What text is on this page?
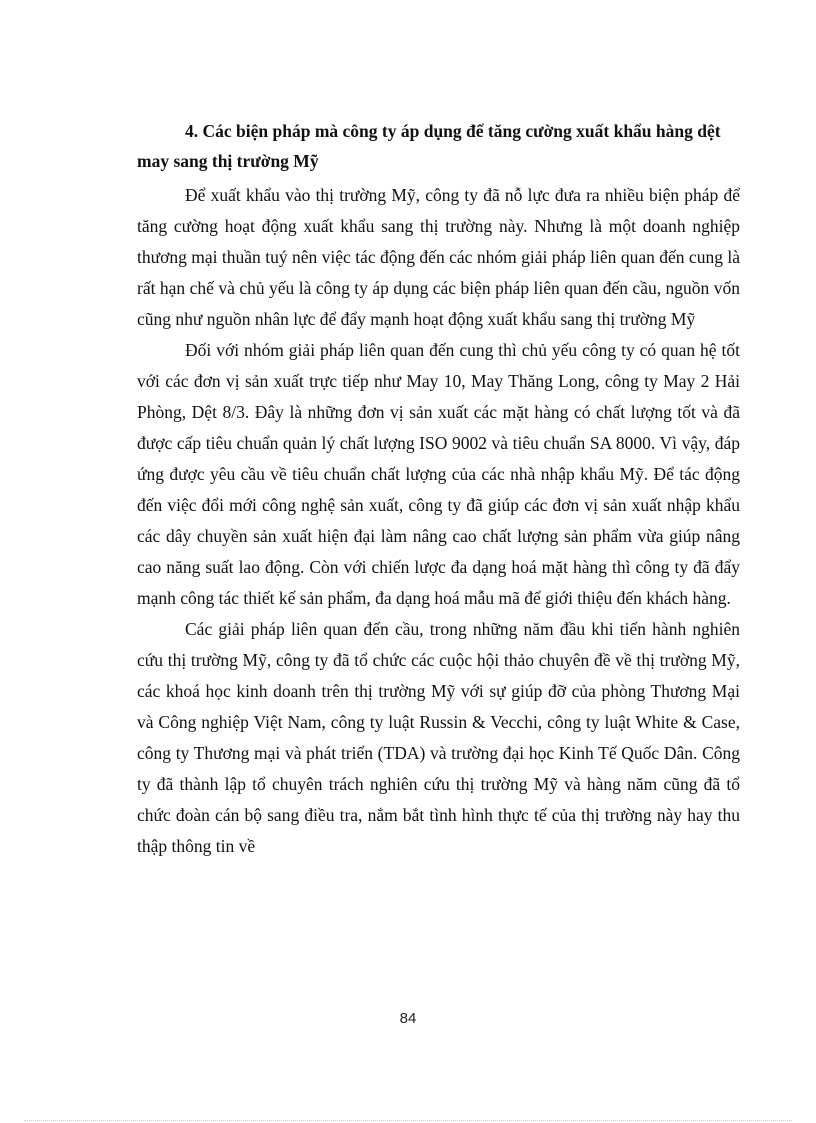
4. Các biện pháp mà công ty áp dụng để tăng cường xuất khẩu hàng dệt may sang thị trường Mỹ

Để xuất khẩu vào thị trường Mỹ, công ty đã nỗ lực đưa ra nhiều biện pháp để tăng cường hoạt động xuất khẩu sang thị trường này. Nhưng là một doanh nghiệp thương mại thuần tuý nên việc tác động đến các nhóm giải pháp liên quan đến cung là rất hạn chế và chủ yếu là công ty áp dụng các biện pháp liên quan đến cầu, nguồn vốn cũng như nguồn nhân lực để đẩy mạnh hoạt động xuất khẩu sang thị trường Mỹ

Đối với nhóm giải pháp liên quan đến cung thì chủ yếu công ty có quan hệ tốt với các đơn vị sản xuất trực tiếp như May 10, May Thăng Long, công ty May 2 Hải Phòng, Dệt 8/3. Đây là những đơn vị sản xuất các mặt hàng có chất lượng tốt và đã được cấp tiêu chuẩn quản lý chất lượng ISO 9002 và tiêu chuẩn SA 8000. Vì vậy, đáp ứng được yêu cầu về tiêu chuẩn chất lượng của các nhà nhập khẩu Mỹ. Để tác động đến việc đổi mới công nghệ sản xuất, công ty đã giúp các đơn vị sản xuất nhập khẩu các dây chuyền sản xuất hiện đại làm nâng cao chất lượng sản phẩm vừa giúp nâng cao năng suất lao động. Còn với chiến lược đa dạng hoá mặt hàng thì công ty đã đẩy mạnh công tác thiết kế sản phẩm, đa dạng hoá mẫu mã để giới thiệu đến khách hàng.

Các giải pháp liên quan đến cầu, trong những năm đầu khi tiến hành nghiên cứu thị trường Mỹ, công ty đã tổ chức các cuộc hội thảo chuyên đề về thị trường Mỹ, các khoá học kinh doanh trên thị trường Mỹ với sự giúp đỡ của phòng Thương Mại và Công nghiệp Việt Nam, công ty luật Russin & Vecchi, công ty luật White & Case, công ty Thương mại và phát triển (TDA) và trường đại học Kinh Tế Quốc Dân. Công ty đã thành lập tổ chuyên trách nghiên cứu thị trường Mỹ và hàng năm cũng đã tổ chức đoàn cán bộ sang điều tra, nắm bắt tình hình thực tế của thị trường này hay thu thập thông tin về

84
